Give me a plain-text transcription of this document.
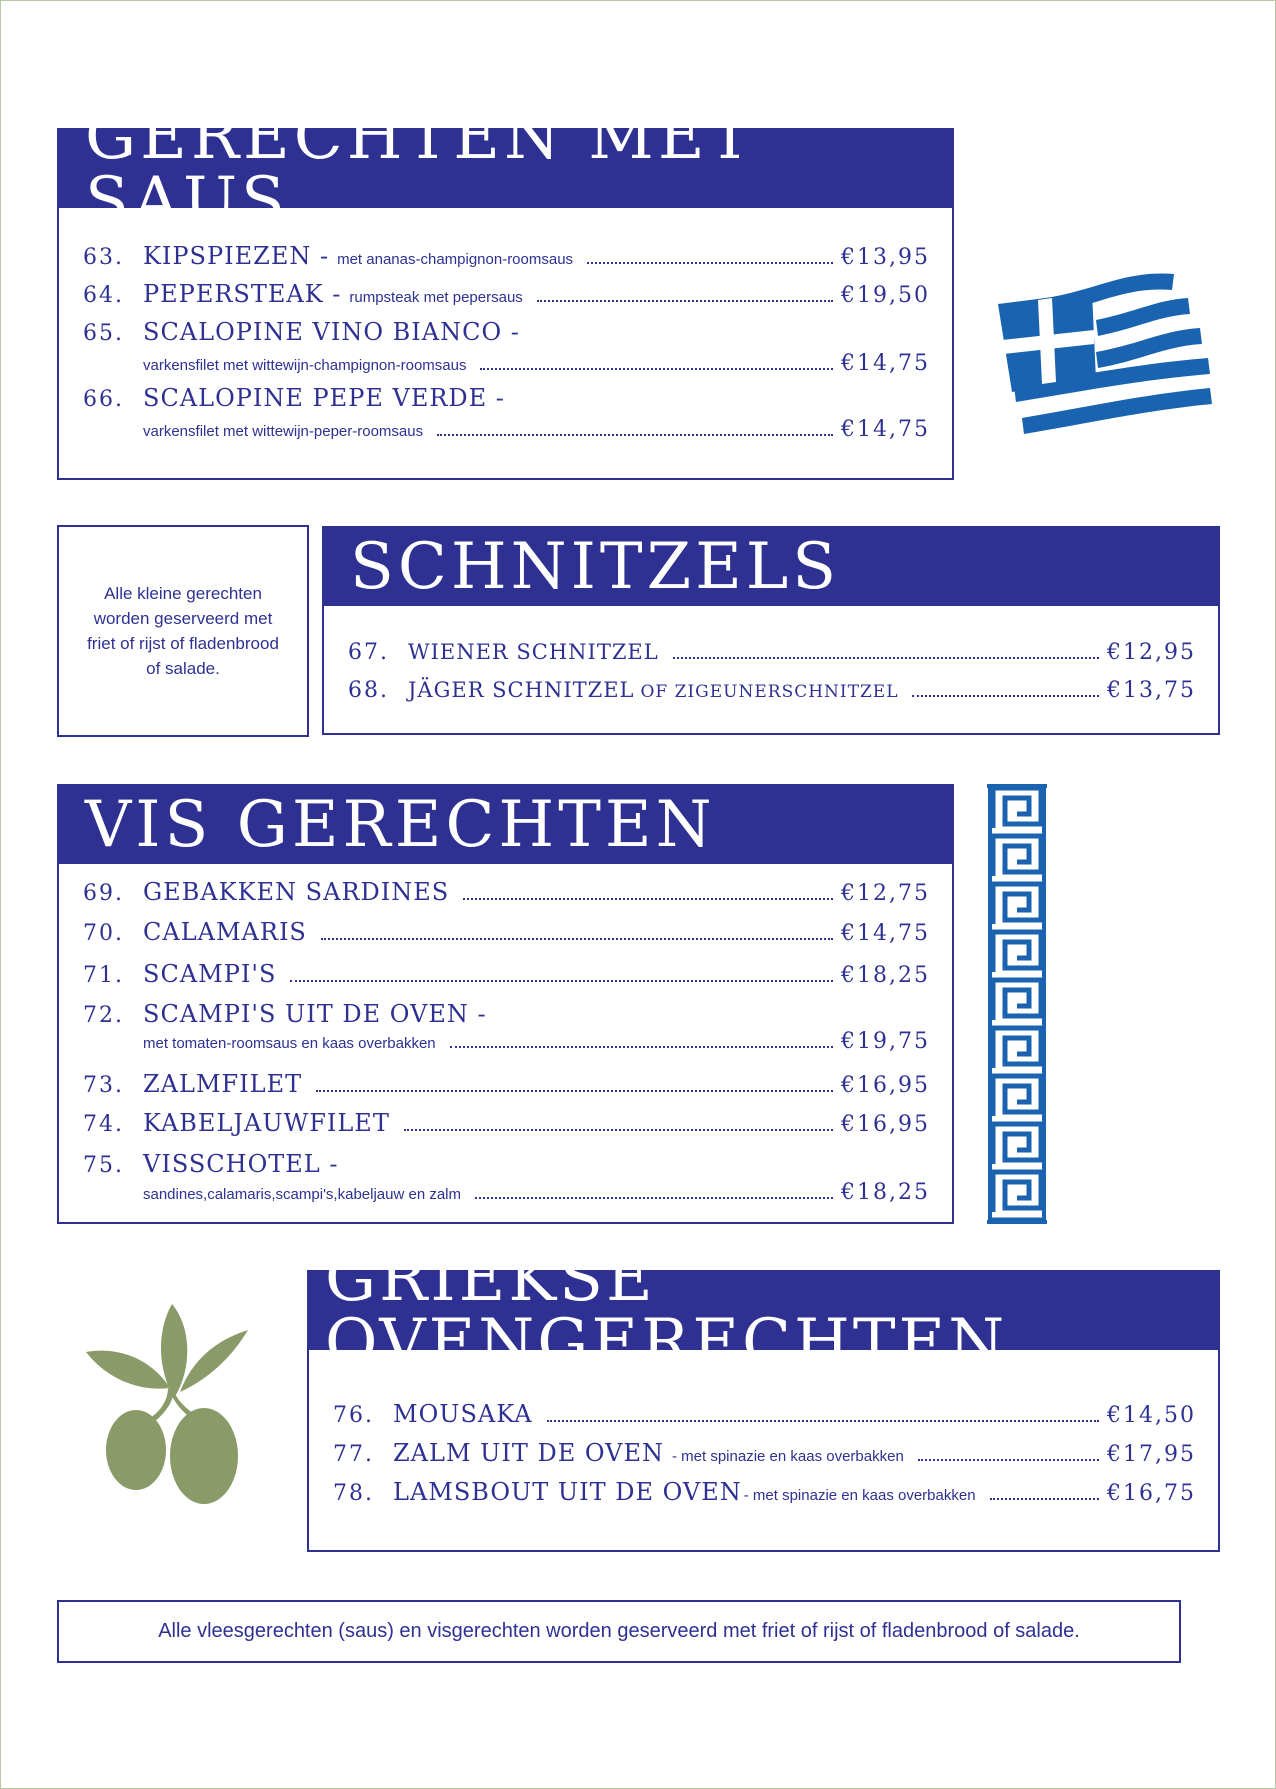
GERECHTEN MET SAUS
63. KIPSPIEZEN - met ananas-champignon-roomsaus	€13,95
64. PEPERSTEAK - rumpsteak met pepersaus	€19,50
65. SCALOPINE VINO BIANCO -
varkensfilet met wittewijn-champignon-roomsaus	€14,75
66. SCALOPINE PEPE VERDE -
varkensfilet met wittewijn-peper-roomsaus	€14,75
Alle kleine gerechten worden geserveerd met friet of rijst of fladenbrood of salade.
SCHNITZELS
67. WIENER SCHNITZEL	€12,95
68. JÄGER SCHNITZEL OF ZIGEUNERSCHNITZEL	€13,75
VIS GERECHTEN
69. GEBAKKEN SARDINES	€12,75
70. CALAMARIS	€14,75
71. SCAMPI'S	€18,25
72. SCAMPI'S UIT DE OVEN -
met tomaten-roomsaus en kaas overbakken	€19,75
73. ZALMFILET	€16,95
74. KABELJAUWFILET	€16,95
75. VISSCHOTEL -
sandines,calamaris,scampi's,kabeljauw en zalm	€18,25
GRIEKSE OVENGERECHTEN
76. MOUSAKA	€14,50
77. ZALM UIT DE OVEN - met spinazie en kaas overbakken	€17,95
78. LAMSBOUT UIT DE OVEN - met spinazie en kaas overbakken	€16,75
Alle vleesgerechten (saus) en visgerechten worden geserveerd met friet of rijst of fladenbrood of salade.
